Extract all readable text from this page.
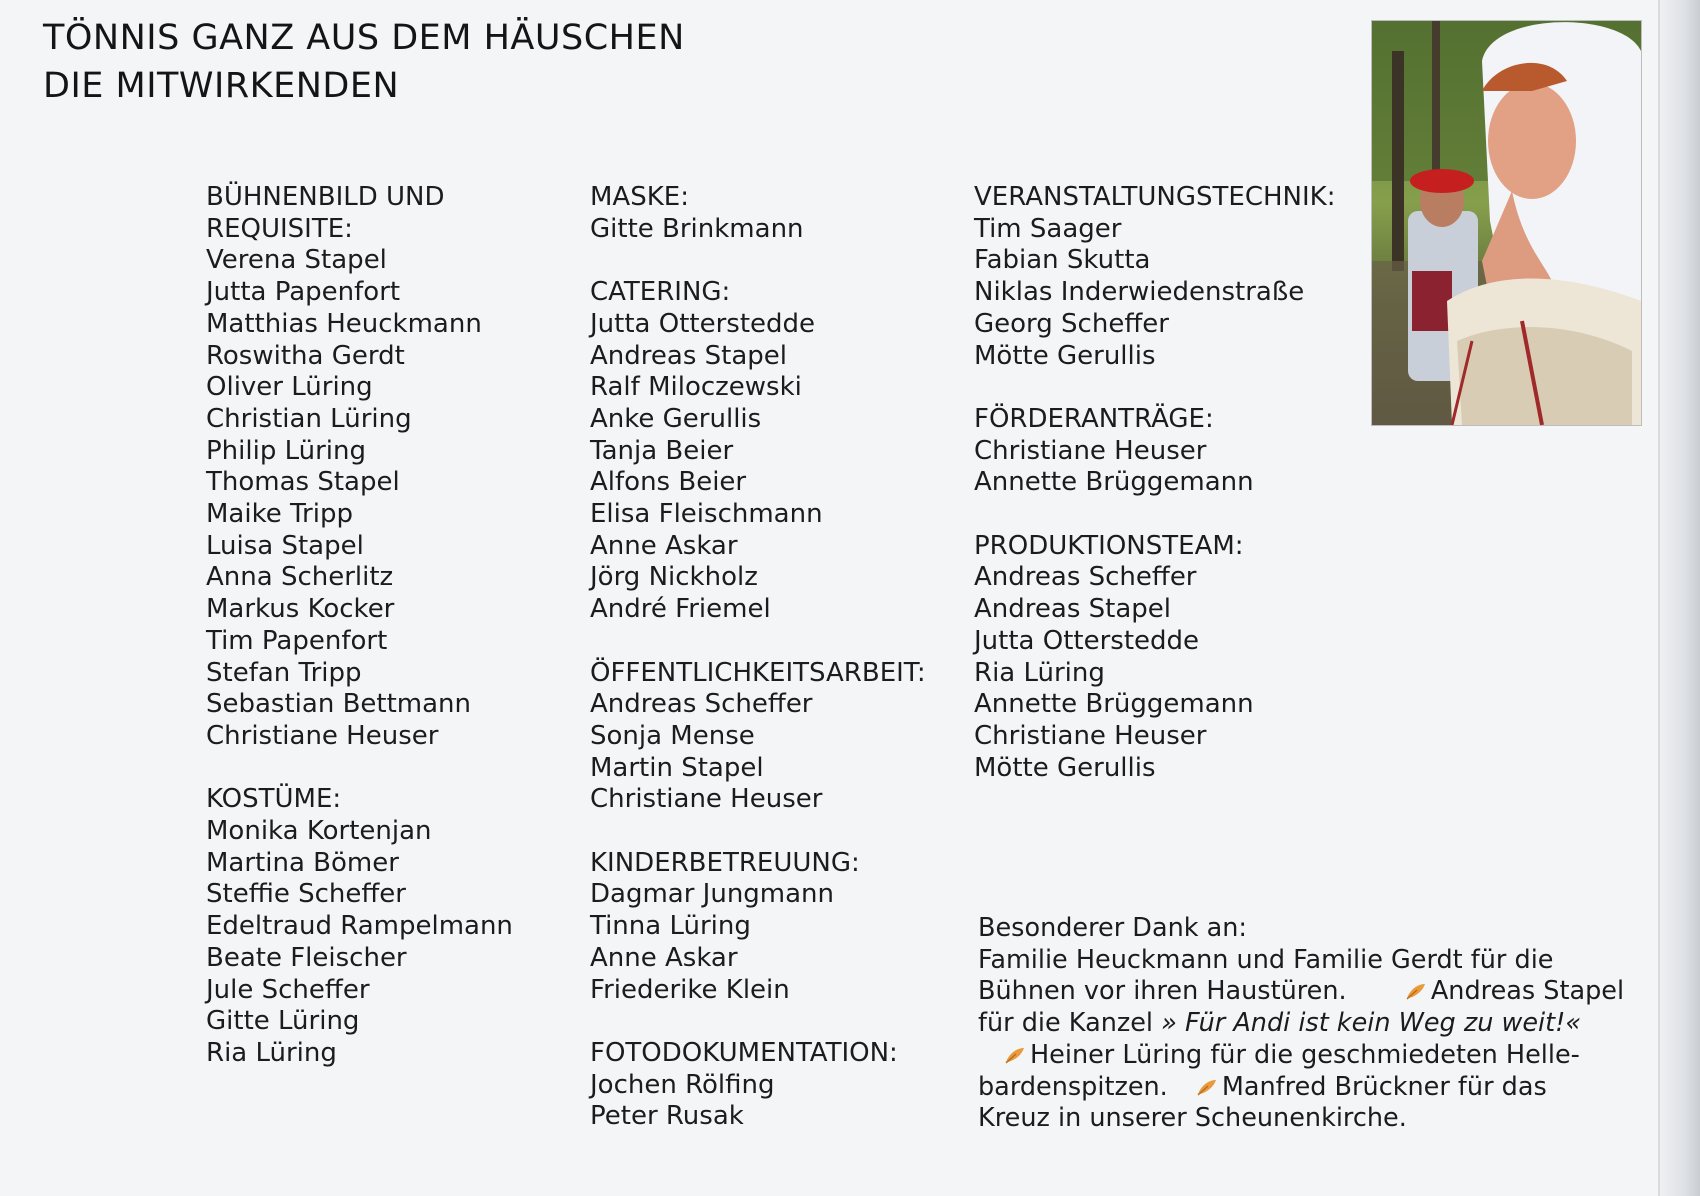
TÖNNIS GANZ AUS DEM HÄUSCHEN
DIE MITWIRKENDEN
BÜHNENBILD UND
REQUISITE:
Verena Stapel
Jutta Papenfort
Matthias Heuckmann
Roswitha Gerdt
Oliver Lüring
Christian Lüring
Philip Lüring
Thomas Stapel
Maike Tripp
Luisa Stapel
Anna Scherlitz
Markus Kocker
Tim Papenfort
Stefan Tripp
Sebastian Bettmann
Christiane Heuser
KOSTÜME:
Monika Kortenjan
Martina Bömer
Steffie Scheffer
Edeltraud Rampelmann
Beate Fleischer
Jule Scheffer
Gitte Lüring
Ria Lüring
MASKE:
Gitte Brinkmann
CATERING:
Jutta Otterstedde
Andreas Stapel
Ralf Miloczewski
Anke Gerullis
Tanja Beier
Alfons Beier
Elisa Fleischmann
Anne Askar
Jörg Nickholz
André Friemel
ÖFFENTLICHKEITSARBEIT:
Andreas Scheffer
Sonja Mense
Martin Stapel
Christiane Heuser
KINDERBETREUUNG:
Dagmar Jungmann
Tinna Lüring
Anne Askar
Friederike Klein
FOTODOKUMENTATION:
Jochen Rölfing
Peter Rusak
VERANSTALTUNGSTECHNIK:
Tim Saager
Fabian Skutta
Niklas Inderwiedenstraße
Georg Scheffer
Mötte Gerullis
FÖRDERANTRÄGE:
Christiane Heuser
Annette Brüggemann
PRODUKTIONSTEAM:
Andreas Scheffer
Andreas Stapel
Jutta Otterstedde
Ria Lüring
Annette Brüggemann
Christiane Heuser
Mötte Gerullis
Besonderer Dank an:
Familie Heuckmann und Familie Gerdt für die
Bühnen vor ihren Haustüren.	Andreas Stapel
für die Kanzel » Für Andi ist kein Weg zu weit!«
Heiner Lüring für die geschmiedeten Helle-
bardenspitzen. Manfred Brückner für das
Kreuz in unserer Scheunenkirche.
